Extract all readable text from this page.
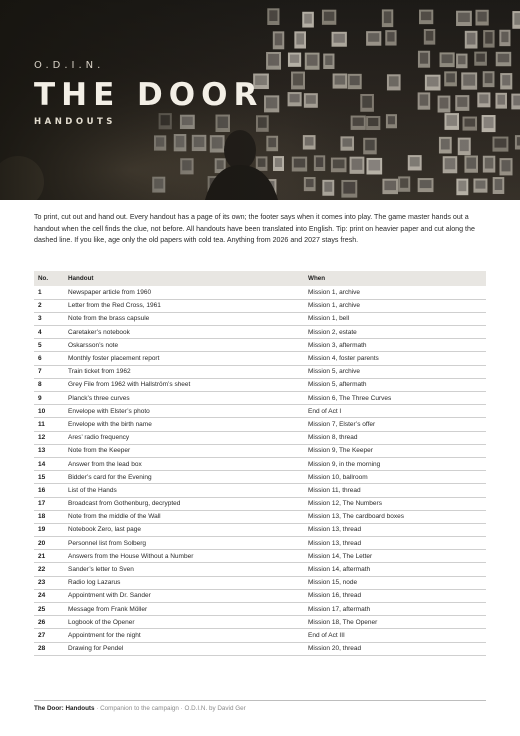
O.D.I.N.
THE DOOR
HANDOUTS

To print, cut out and hand out. Every handout has a page of its own; the footer says when it comes into play. The game master hands out a handout when the cell finds the clue, not before. All handouts have been translated into English. Tip: print on heavier paper and cut along the dashed line. If you like, age only the old papers with cold tea. Anything from 2026 and 2027 stays fresh.

No.	Handout	When
1	Newspaper article from 1960	Mission 1, archive
2	Letter from the Red Cross, 1961	Mission 1, archive
3	Note from the brass capsule	Mission 1, bell
4	Caretaker’s notebook	Mission 2, estate
5	Oskarsson’s note	Mission 3, aftermath
6	Monthly foster placement report	Mission 4, foster parents
7	Train ticket from 1962	Mission 5, archive
8	Grey File from 1962 with Hallström’s sheet	Mission 5, aftermath
9	Planck’s three curves	Mission 6, The Three Curves
10	Envelope with Elster’s photo	End of Act I
11	Envelope with the birth name	Mission 7, Elster’s offer
12	Ares’ radio frequency	Mission 8, thread
13	Note from the Keeper	Mission 9, The Keeper
14	Answer from the lead box	Mission 9, in the morning
15	Bidder’s card for the Evening	Mission 10, ballroom
16	List of the Hands	Mission 11, thread
17	Broadcast from Gothenburg, decrypted	Mission 12, The Numbers
18	Note from the middle of the Wall	Mission 13, The cardboard boxes
19	Notebook Zero, last page	Mission 13, thread
20	Personnel list from Solberg	Mission 13, thread
21	Answers from the House Without a Number	Mission 14, The Letter
22	Sander’s letter to Sven	Mission 14, aftermath
23	Radio log Lazarus	Mission 15, node
24	Appointment with Dr. Sander	Mission 16, thread
25	Message from Frank Möller	Mission 17, aftermath
26	Logbook of the Opener	Mission 18, The Opener
27	Appointment for the night	End of Act III
28	Drawing for Pendel	Mission 20, thread
The Door: Handouts · Companion to the campaign · O.D.I.N. by David Ger
